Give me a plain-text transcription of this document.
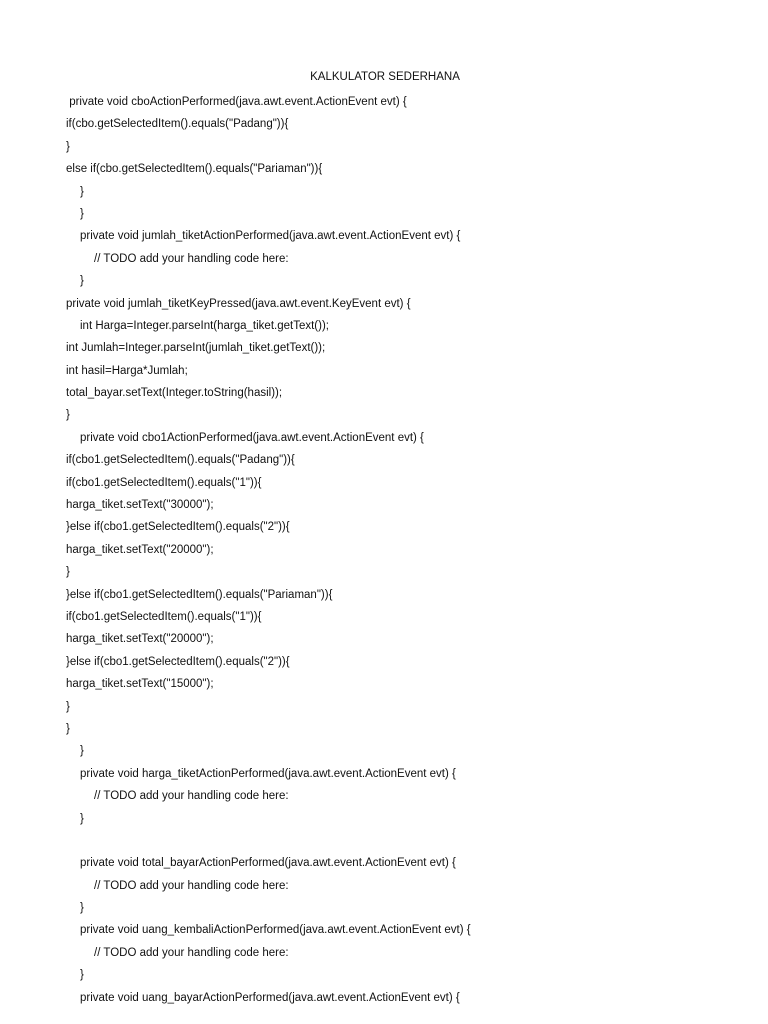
KALKULATOR SEDERHANA
private void cboActionPerformed(java.awt.event.ActionEvent evt) {
if(cbo.getSelectedItem().equals("Padang")){
}
else if(cbo.getSelectedItem().equals("Pariaman")){
}
}
private void jumlah_tiketActionPerformed(java.awt.event.ActionEvent evt) {
// TODO add your handling code here:
}
private void jumlah_tiketKeyPressed(java.awt.event.KeyEvent evt) {
int Harga=Integer.parseInt(harga_tiket.getText());
int Jumlah=Integer.parseInt(jumlah_tiket.getText());
int hasil=Harga*Jumlah;
total_bayar.setText(Integer.toString(hasil));
}
private void cbo1ActionPerformed(java.awt.event.ActionEvent evt) {
if(cbo1.getSelectedItem().equals("Padang")){
if(cbo1.getSelectedItem().equals("1")){
harga_tiket.setText("30000");
}else if(cbo1.getSelectedItem().equals("2")){
harga_tiket.setText("20000");
}
}else if(cbo1.getSelectedItem().equals("Pariaman")){
if(cbo1.getSelectedItem().equals("1")){
harga_tiket.setText("20000");
}else if(cbo1.getSelectedItem().equals("2")){
harga_tiket.setText("15000");
}
}
}
private void harga_tiketActionPerformed(java.awt.event.ActionEvent evt) {
// TODO add your handling code here:
}
private void total_bayarActionPerformed(java.awt.event.ActionEvent evt) {
// TODO add your handling code here:
}
private void uang_kembaliActionPerformed(java.awt.event.ActionEvent evt) {
// TODO add your handling code here:
}
private void uang_bayarActionPerformed(java.awt.event.ActionEvent evt) {
